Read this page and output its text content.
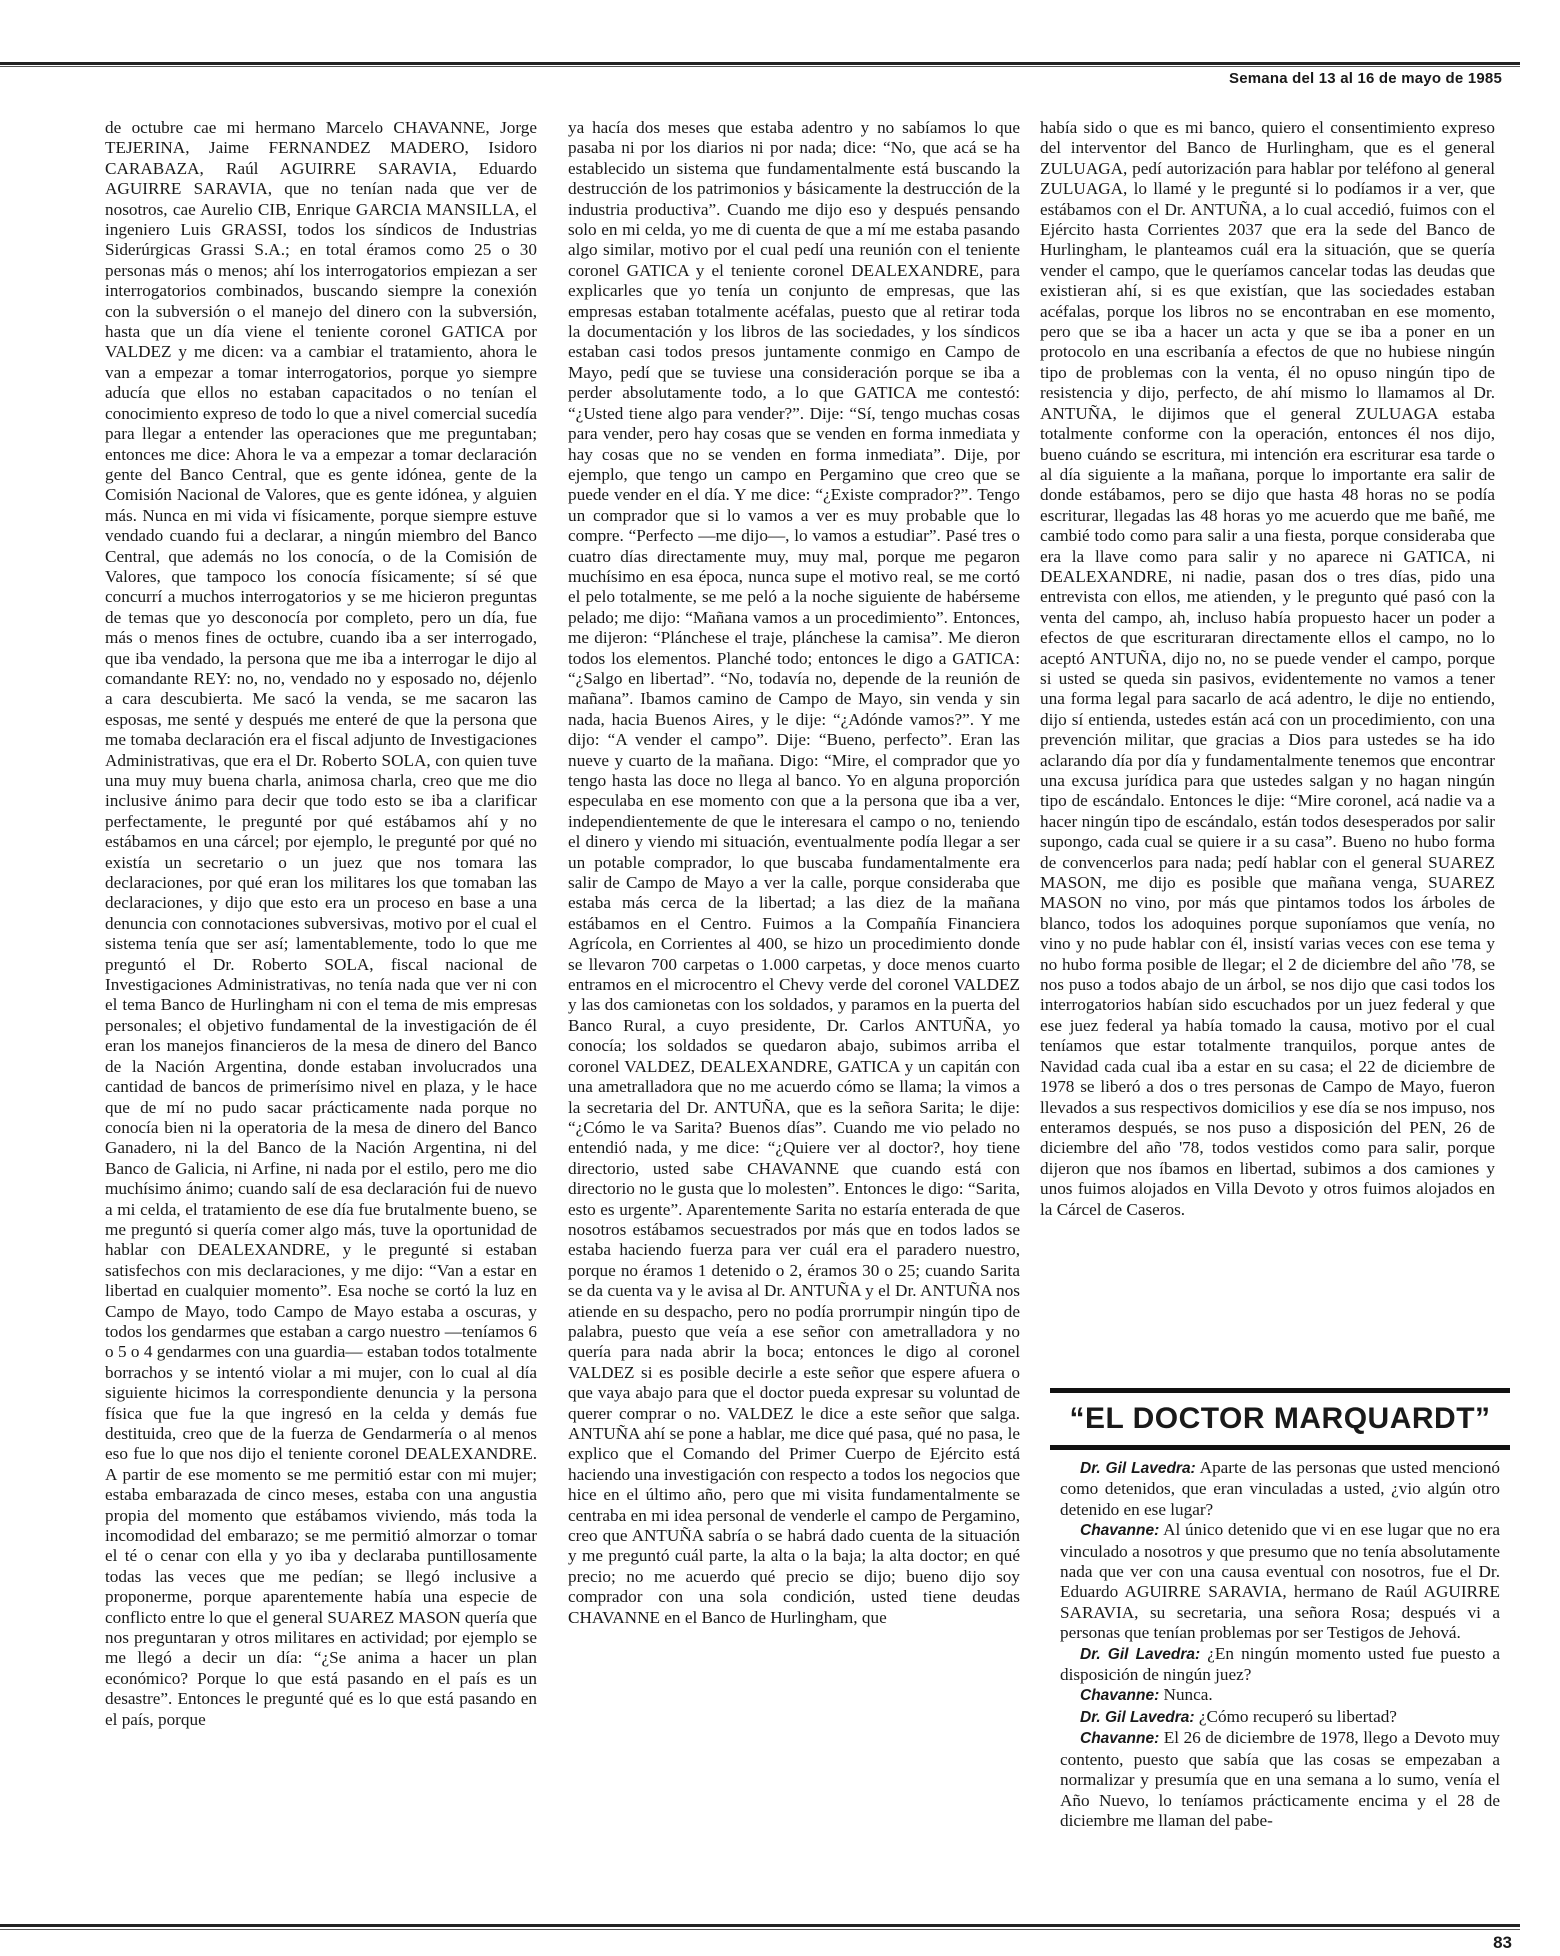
Semana del 13 al 16 de mayo de 1985

de octubre cae mi hermano Marcelo CHAVANNE, Jorge TEJERINA, Jaime FERNANDEZ MADERO, Isidoro CARABAZA, Raúl AGUIRRE SARAVIA, Eduardo AGUIRRE SARAVIA, que no tenían nada que ver de nosotros, cae Aurelio CIB, Enrique GARCIA MANSILLA, el ingeniero Luis GRASSI, todos los síndicos de Industrias Siderúrgicas Grassi S.A.; en total éramos como 25 o 30 personas más o menos; ahí los interrogatorios empiezan a ser interrogatorios combinados, buscando siempre la conexión con la subversión o el manejo del dinero con la subversión, hasta que un día viene el teniente coronel GATICA por VALDEZ y me dicen: va a cambiar el tratamiento, ahora le van a empezar a tomar interrogatorios, porque yo siempre aducía que ellos no estaban capacitados o no tenían el conocimiento expreso de todo lo que a nivel comercial sucedía para llegar a entender las operaciones que me preguntaban; entonces me dice: Ahora le va a empezar a tomar declaración gente del Banco Central, que es gente idónea, gente de la Comisión Nacional de Valores, que es gente idónea, y alguien más. Nunca en mi vida vi físicamente, porque siempre estuve vendado cuando fui a declarar, a ningún miembro del Banco Central, que además no los conocía, o de la Comisión de Valores, que tampoco los conocía físicamente; sí sé que concurrí a muchos interrogatorios y se me hicieron preguntas de temas que yo desconocía por completo, pero un día, fue más o menos fines de octubre, cuando iba a ser interrogado, que iba vendado, la persona que me iba a interrogar le dijo al comandante REY: no, no, vendado no y esposado no, déjenlo a cara descubierta. Me sacó la venda, se me sacaron las esposas, me senté y después me enteré de que la persona que me tomaba declaración era el fiscal adjunto de Investigaciones Administrativas, que era el Dr. Roberto SOLA, con quien tuve una muy muy buena charla, animosa charla, creo que me dio inclusive ánimo para decir que todo esto se iba a clarificar perfectamente, le pregunté por qué estábamos ahí y no estábamos en una cárcel; por ejemplo, le pregunté por qué no existía un secretario o un juez que nos tomara las declaraciones, por qué eran los militares los que tomaban las declaraciones, y dijo que esto era un proceso en base a una denuncia con connotaciones subversivas, motivo por el cual el sistema tenía que ser así; lamentablemente, todo lo que me preguntó el Dr. Roberto SOLA, fiscal nacional de Investigaciones Administrativas, no tenía nada que ver ni con el tema Banco de Hurlingham ni con el tema de mis empresas personales; el objetivo fundamental de la investigación de él eran los manejos financieros de la mesa de dinero del Banco de la Nación Argentina, donde estaban involucrados una cantidad de bancos de primerísimo nivel en plaza, y le hace que de mí no pudo sacar prácticamente nada porque no conocía bien ni la operatoria de la mesa de dinero del Banco Ganadero, ni la del Banco de la Nación Argentina, ni del Banco de Galicia, ni Arfine, ni nada por el estilo, pero me dio muchísimo ánimo; cuando salí de esa declaración fui de nuevo a mi celda, el tratamiento de ese día fue brutalmente bueno, se me preguntó si quería comer algo más, tuve la oportunidad de hablar con DEALEXANDRE, y le pregunté si estaban satisfechos con mis declaraciones, y me dijo: “Van a estar en libertad en cualquier momento”. Esa noche se cortó la luz en Campo de Mayo, todo Campo de Mayo estaba a oscuras, y todos los gendarmes que estaban a cargo nuestro —teníamos 6 o 5 o 4 gendarmes con una guardia— estaban todos totalmente borrachos y se intentó violar a mi mujer, con lo cual al día siguiente hicimos la correspondiente denuncia y la persona física que fue la que ingresó en la celda y demás fue destituida, creo que de la fuerza de Gendarmería o al menos eso fue lo que nos dijo el teniente coronel DEALEXANDRE. A partir de ese momento se me permitió estar con mi mujer; estaba embarazada de cinco meses, estaba con una angustia propia del momento que estábamos viviendo, más toda la incomodidad del embarazo; se me permitió almorzar o tomar el té o cenar con ella y yo iba y declaraba puntillosamente todas las veces que me pedían; se llegó inclusive a proponerme, porque aparentemente había una especie de conflicto entre lo que el general SUAREZ MASON quería que nos preguntaran y otros militares en actividad; por ejemplo se me llegó a decir un día: “¿Se anima a hacer un plan económico? Porque lo que está pasando en el país es un desastre”. Entonces le pregunté qué es lo que está pasando en el país, porque

ya hacía dos meses que estaba adentro y no sabíamos lo que pasaba ni por los diarios ni por nada; dice: “No, que acá se ha establecido un sistema que fundamentalmente está buscando la destrucción de los patrimonios y básicamente la destrucción de la industria productiva”. Cuando me dijo eso y después pensando solo en mi celda, yo me di cuenta de que a mí me estaba pasando algo similar, motivo por el cual pedí una reunión con el teniente coronel GATICA y el teniente coronel DEALEXANDRE, para explicarles que yo tenía un conjunto de empresas, que las empresas estaban totalmente acéfalas, puesto que al retirar toda la documentación y los libros de las sociedades, y los síndicos estaban casi todos presos juntamente conmigo en Campo de Mayo, pedí que se tuviese una consideración porque se iba a perder absolutamente todo, a lo que GATICA me contestó: “¿Usted tiene algo para vender?”. Dije: “Sí, tengo muchas cosas para vender, pero hay cosas que se venden en forma inmediata y hay cosas que no se venden en forma inmediata”. Dije, por ejemplo, que tengo un campo en Pergamino que creo que se puede vender en el día. Y me dice: “¿Existe comprador?”. Tengo un comprador que si lo vamos a ver es muy probable que lo compre. “Perfecto —me dijo—, lo vamos a estudiar”. Pasé tres o cuatro días directamente muy, muy mal, porque me pegaron muchísimo en esa época, nunca supe el motivo real, se me cortó el pelo totalmente, se me peló a la noche siguiente de habérseme pelado; me dijo: “Mañana vamos a un procedimiento”. Entonces, me dijeron: “Plánchese el traje, plánchese la camisa”. Me dieron todos los elementos. Planché todo; entonces le digo a GATICA: “¿Salgo en libertad”. “No, todavía no, depende de la reunión de mañana”. Ibamos camino de Campo de Mayo, sin venda y sin nada, hacia Buenos Aires, y le dije: “¿Adónde vamos?”. Y me dijo: “A vender el campo”. Dije: “Bueno, perfecto”. Eran las nueve y cuarto de la mañana. Digo: “Mire, el comprador que yo tengo hasta las doce no llega al banco. Yo en alguna proporción especulaba en ese momento con que a la persona que iba a ver, independientemente de que le interesara el campo o no, teniendo el dinero y viendo mi situación, eventualmente podía llegar a ser un potable comprador, lo que buscaba fundamentalmente era salir de Campo de Mayo a ver la calle, porque consideraba que estaba más cerca de la libertad; a las diez de la mañana estábamos en el Centro. Fuimos a la Compañía Financiera Agrícola, en Corrientes al 400, se hizo un procedimiento donde se llevaron 700 carpetas o 1.000 carpetas, y doce menos cuarto entramos en el microcentro el Chevy verde del coronel VALDEZ y las dos camionetas con los soldados, y paramos en la puerta del Banco Rural, a cuyo presidente, Dr. Carlos ANTUÑA, yo conocía; los soldados se quedaron abajo, subimos arriba el coronel VALDEZ, DEALEXANDRE, GATICA y un capitán con una ametralladora que no me acuerdo cómo se llama; la vimos a la secretaria del Dr. ANTUÑA, que es la señora Sarita; le dije: “¿Cómo le va Sarita? Buenos días”. Cuando me vio pelado no entendió nada, y me dice: “¿Quiere ver al doctor?, hoy tiene directorio, usted sabe CHAVANNE que cuando está con directorio no le gusta que lo molesten”. Entonces le digo: “Sarita, esto es urgente”. Aparentemente Sarita no estaría enterada de que nosotros estábamos secuestrados por más que en todos lados se estaba haciendo fuerza para ver cuál era el paradero nuestro, porque no éramos 1 detenido o 2, éramos 30 o 25; cuando Sarita se da cuenta va y le avisa al Dr. ANTUÑA y el Dr. ANTUÑA nos atiende en su despacho, pero no podía prorrumpir ningún tipo de palabra, puesto que veía a ese señor con ametralladora y no quería para nada abrir la boca; entonces le digo al coronel VALDEZ si es posible decirle a este señor que espere afuera o que vaya abajo para que el doctor pueda expresar su voluntad de querer comprar o no. VALDEZ le dice a este señor que salga. ANTUÑA ahí se pone a hablar, me dice qué pasa, qué no pasa, le explico que el Comando del Primer Cuerpo de Ejército está haciendo una investigación con respecto a todos los negocios que hice en el último año, pero que mi visita fundamentalmente se centraba en mi idea personal de venderle el campo de Pergamino, creo que ANTUÑA sabría o se habrá dado cuenta de la situación y me preguntó cuál parte, la alta o la baja; la alta doctor; en qué precio; no me acuerdo qué precio se dijo; bueno dijo soy comprador con una sola condición, usted tiene deudas CHAVANNE en el Banco de Hurlingham, que

había sido o que es mi banco, quiero el consentimiento expreso del interventor del Banco de Hurlingham, que es el general ZULUAGA, pedí autorización para hablar por teléfono al general ZULUAGA, lo llamé y le pregunté si lo podíamos ir a ver, que estábamos con el Dr. ANTUÑA, a lo cual accedió, fuimos con el Ejército hasta Corrientes 2037 que era la sede del Banco de Hurlingham, le planteamos cuál era la situación, que se quería vender el campo, que le queríamos cancelar todas las deudas que existieran ahí, si es que existían, que las sociedades estaban acéfalas, porque los libros no se encontraban en ese momento, pero que se iba a hacer un acta y que se iba a poner en un protocolo en una escribanía a efectos de que no hubiese ningún tipo de problemas con la venta, él no opuso ningún tipo de resistencia y dijo, perfecto, de ahí mismo lo llamamos al Dr. ANTUÑA, le dijimos que el general ZULUAGA estaba totalmente conforme con la operación, entonces él nos dijo, bueno cuándo se escritura, mi intención era escriturar esa tarde o al día siguiente a la mañana, porque lo importante era salir de donde estábamos, pero se dijo que hasta 48 horas no se podía escriturar, llegadas las 48 horas yo me acuerdo que me bañé, me cambié todo como para salir a una fiesta, porque consideraba que era la llave como para salir y no aparece ni GATICA, ni DEALEXANDRE, ni nadie, pasan dos o tres días, pido una entrevista con ellos, me atienden, y le pregunto qué pasó con la venta del campo, ah, incluso había propuesto hacer un poder a efectos de que escrituraran directamente ellos el campo, no lo aceptó ANTUÑA, dijo no, no se puede vender el campo, porque si usted se queda sin pasivos, evidentemente no vamos a tener una forma legal para sacarlo de acá adentro, le dije no entiendo, dijo sí entienda, ustedes están acá con un procedimiento, con una prevención militar, que gracias a Dios para ustedes se ha ido aclarando día por día y fundamentalmente tenemos que encontrar una excusa jurídica para que ustedes salgan y no hagan ningún tipo de escándalo. Entonces le dije: “Mire coronel, acá nadie va a hacer ningún tipo de escándalo, están todos desesperados por salir supongo, cada cual se quiere ir a su casa”. Bueno no hubo forma de convencerlos para nada; pedí hablar con el general SUAREZ MASON, me dijo es posible que mañana venga, SUAREZ MASON no vino, por más que pintamos todos los árboles de blanco, todos los adoquines porque suponíamos que venía, no vino y no pude hablar con él, insistí varias veces con ese tema y no hubo forma posible de llegar; el 2 de diciembre del año '78, se nos puso a todos abajo de un árbol, se nos dijo que casi todos los interrogatorios habían sido escuchados por un juez federal y que ese juez federal ya había tomado la causa, motivo por el cual teníamos que estar totalmente tranquilos, porque antes de Navidad cada cual iba a estar en su casa; el 22 de diciembre de 1978 se liberó a dos o tres personas de Campo de Mayo, fueron llevados a sus respectivos domicilios y ese día se nos impuso, nos enteramos después, se nos puso a disposición del PEN, 26 de diciembre del año '78, todos vestidos como para salir, porque dijeron que nos íbamos en libertad, subimos a dos camiones y unos fuimos alojados en Villa Devoto y otros fuimos alojados en la Cárcel de Caseros.

“EL DOCTOR MARQUARDT”

Dr. Gil Lavedra: Aparte de las personas que usted mencionó como detenidos, que eran vinculadas a usted, ¿vio algún otro detenido en ese lugar?

Chavanne: Al único detenido que vi en ese lugar que no era vinculado a nosotros y que presumo que no tenía absolutamente nada que ver con una causa eventual con nosotros, fue el Dr. Eduardo AGUIRRE SARAVIA, hermano de Raúl AGUIRRE SARAVIA, su secretaria, una señora Rosa; después vi a personas que tenían problemas por ser Testigos de Jehová.

Dr. Gil Lavedra: ¿En ningún momento usted fue puesto a disposición de ningún juez?

Chavanne: Nunca.

Dr. Gil Lavedra: ¿Cómo recuperó su libertad?

Chavanne: El 26 de diciembre de 1978, llego a Devoto muy contento, puesto que sabía que las cosas se empezaban a normalizar y presumía que en una semana a lo sumo, venía el Año Nuevo, lo teníamos prácticamente encima y el 28 de diciembre me llaman del pabe-

83
